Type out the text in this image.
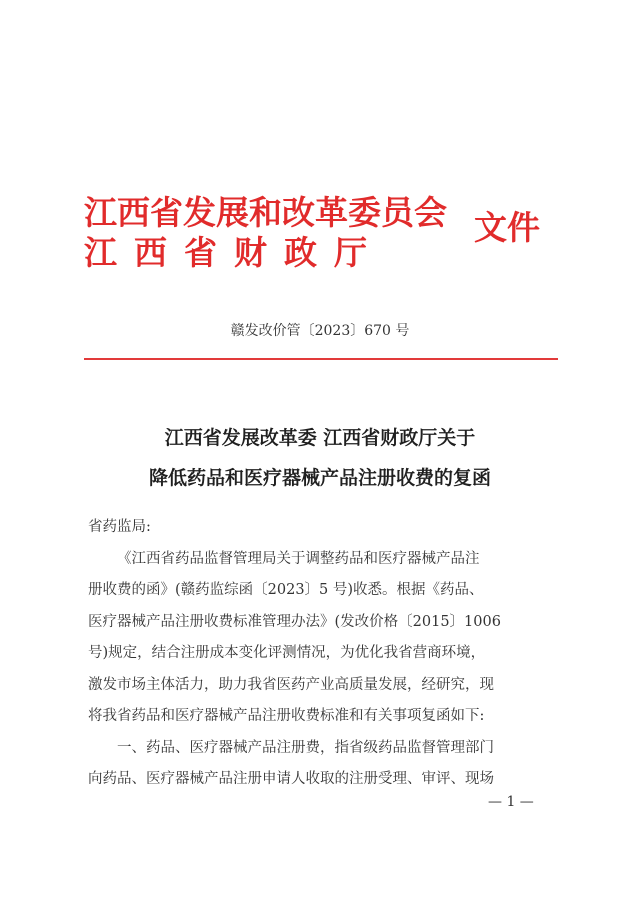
江西省发展和改革委员会
江西省财政厅
文件
赣发改价管〔2023〕670 号
江西省发展改革委 江西省财政厅关于
降低药品和医疗器械产品注册收费的复函
省药监局:
《江西省药品监督管理局关于调整药品和医疗器械产品注
册收费的函》(赣药监综函〔2023〕5 号)收悉。根据《药品、
医疗器械产品注册收费标准管理办法》(发改价格〔2015〕1006
号)规定，结合注册成本变化评测情况，为优化我省营商环境，
激发市场主体活力，助力我省医药产业高质量发展，经研究，现
将我省药品和医疗器械产品注册收费标准和有关事项复函如下:
一、药品、医疗器械产品注册费，指省级药品监督管理部门
向药品、医疗器械产品注册申请人收取的注册受理、审评、现场
— 1 —
